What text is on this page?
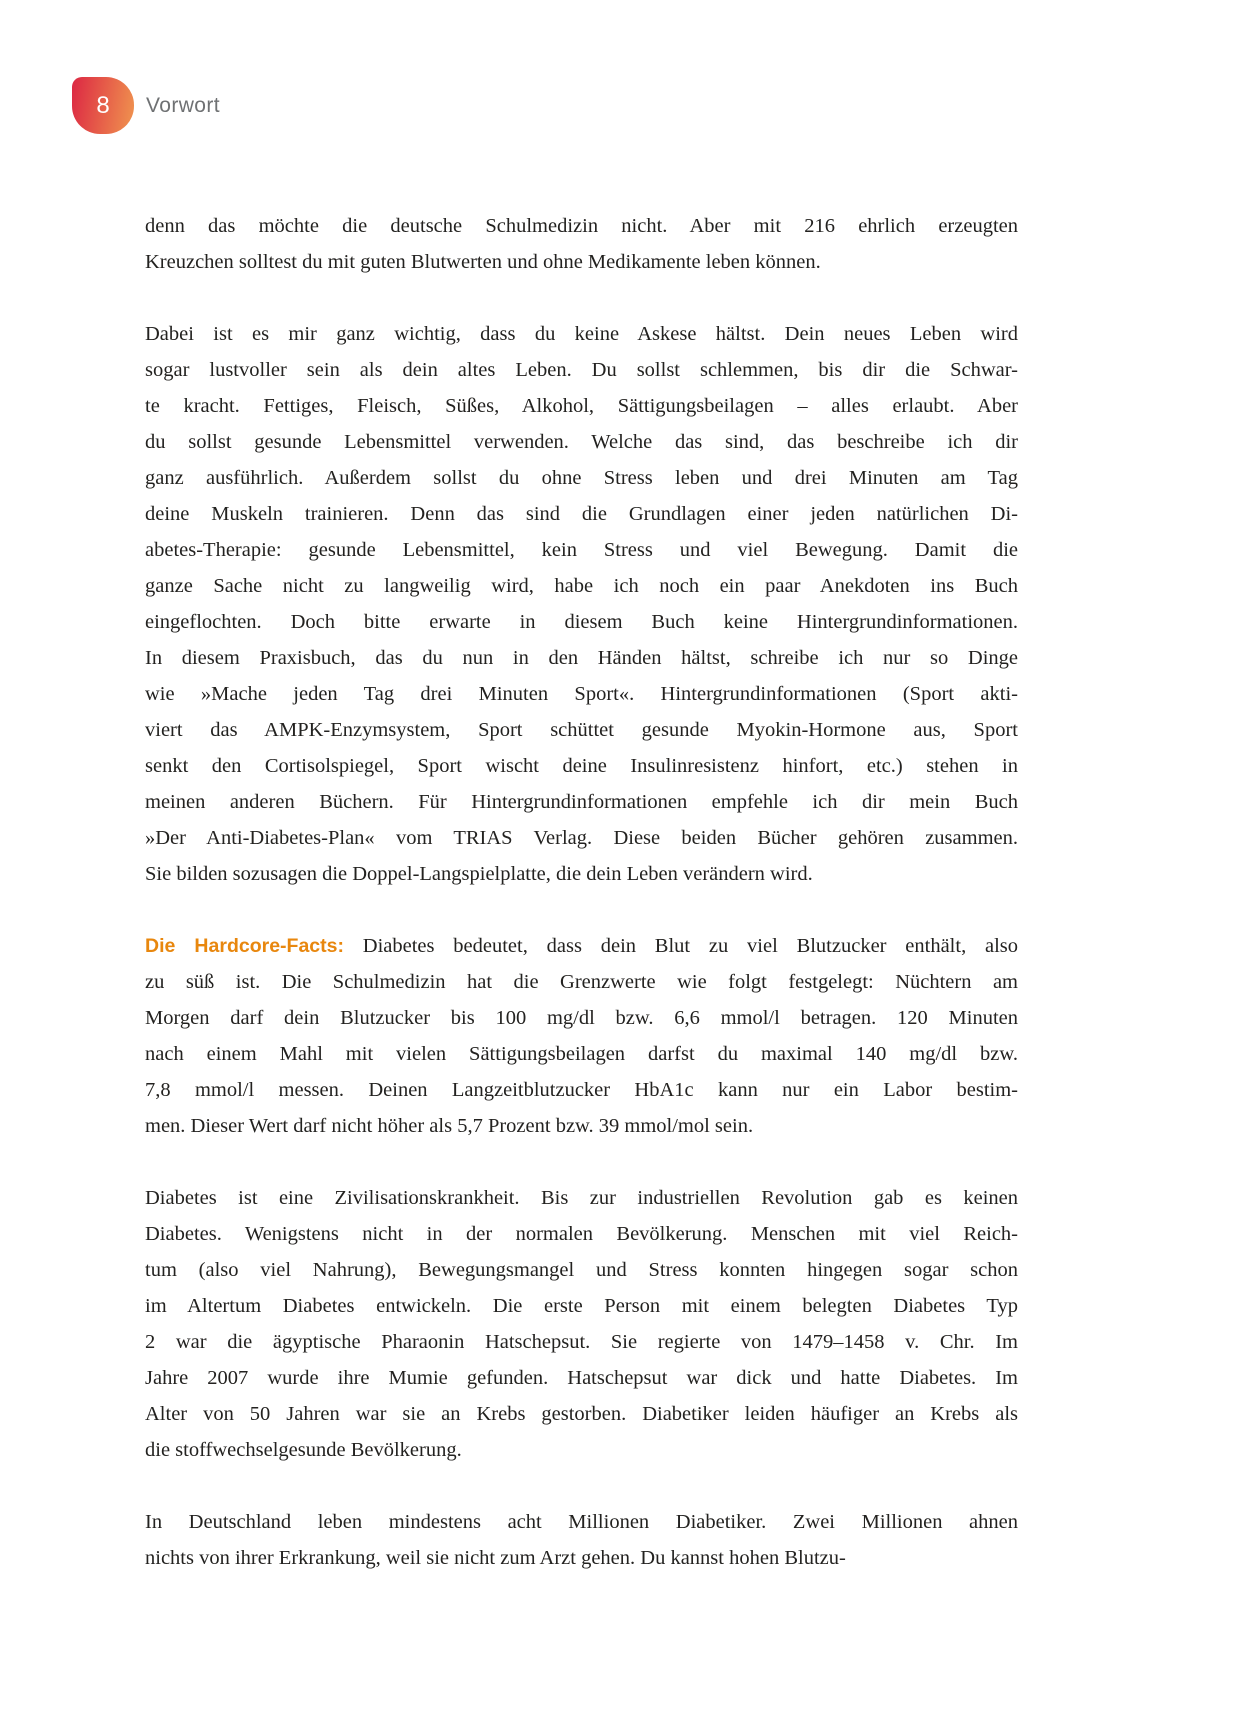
8 Vorwort
denn das möchte die deutsche Schulmedizin nicht. Aber mit 216 ehrlich erzeugten
Kreuzchen solltest du mit guten Blutwerten und ohne Medikamente leben können.
Dabei ist es mir ganz wichtig, dass du keine Askese hältst. Dein neues Leben wird
sogar lustvoller sein als dein altes Leben. Du sollst schlemmen, bis dir die Schwar-
te kracht. Fettiges, Fleisch, Süßes, Alkohol, Sättigungsbeilagen – alles erlaubt. Aber
du sollst gesunde Lebensmittel verwenden. Welche das sind, das beschreibe ich dir
ganz ausführlich. Außerdem sollst du ohne Stress leben und drei Minuten am Tag
deine Muskeln trainieren. Denn das sind die Grundlagen einer jeden natürlichen Di-
abetes-Therapie: gesunde Lebensmittel, kein Stress und viel Bewegung. Damit die
ganze Sache nicht zu langweilig wird, habe ich noch ein paar Anekdoten ins Buch
eingeflochten. Doch bitte erwarte in diesem Buch keine Hintergrundinformationen.
In diesem Praxisbuch, das du nun in den Händen hältst, schreibe ich nur so Dinge
wie »Mache jeden Tag drei Minuten Sport«. Hintergrundinformationen (Sport akti-
viert das AMPK-Enzymsystem, Sport schüttet gesunde Myokin-Hormone aus, Sport
senkt den Cortisolspiegel, Sport wischt deine Insulinresistenz hinfort, etc.) stehen in
meinen anderen Büchern. Für Hintergrundinformationen empfehle ich dir mein Buch
»Der Anti-Diabetes-Plan« vom TRIAS Verlag. Diese beiden Bücher gehören zusammen.
Sie bilden sozusagen die Doppel-Langspielplatte, die dein Leben verändern wird.
Die Hardcore-Facts: Diabetes bedeutet, dass dein Blut zu viel Blutzucker enthält, also
zu süß ist. Die Schulmedizin hat die Grenzwerte wie folgt festgelegt: Nüchtern am
Morgen darf dein Blutzucker bis 100 mg/dl bzw. 6,6 mmol/l betragen. 120 Minuten
nach einem Mahl mit vielen Sättigungsbeilagen darfst du maximal 140 mg/dl bzw.
7,8 mmol/l messen. Deinen Langzeitblutzucker HbA1c kann nur ein Labor bestim-
men. Dieser Wert darf nicht höher als 5,7 Prozent bzw. 39 mmol/mol sein.
Diabetes ist eine Zivilisationskrankheit. Bis zur industriellen Revolution gab es keinen
Diabetes. Wenigstens nicht in der normalen Bevölkerung. Menschen mit viel Reich-
tum (also viel Nahrung), Bewegungsmangel und Stress konnten hingegen sogar schon
im Altertum Diabetes entwickeln. Die erste Person mit einem belegten Diabetes Typ
2 war die ägyptische Pharaonin Hatschepsut. Sie regierte von 1479–1458 v. Chr. Im
Jahre 2007 wurde ihre Mumie gefunden. Hatschepsut war dick und hatte Diabetes. Im
Alter von 50 Jahren war sie an Krebs gestorben. Diabetiker leiden häufiger an Krebs als
die stoffwechselgesunde Bevölkerung.
In Deutschland leben mindestens acht Millionen Diabetiker. Zwei Millionen ahnen
nichts von ihrer Erkrankung, weil sie nicht zum Arzt gehen. Du kannst hohen Blutzu-
